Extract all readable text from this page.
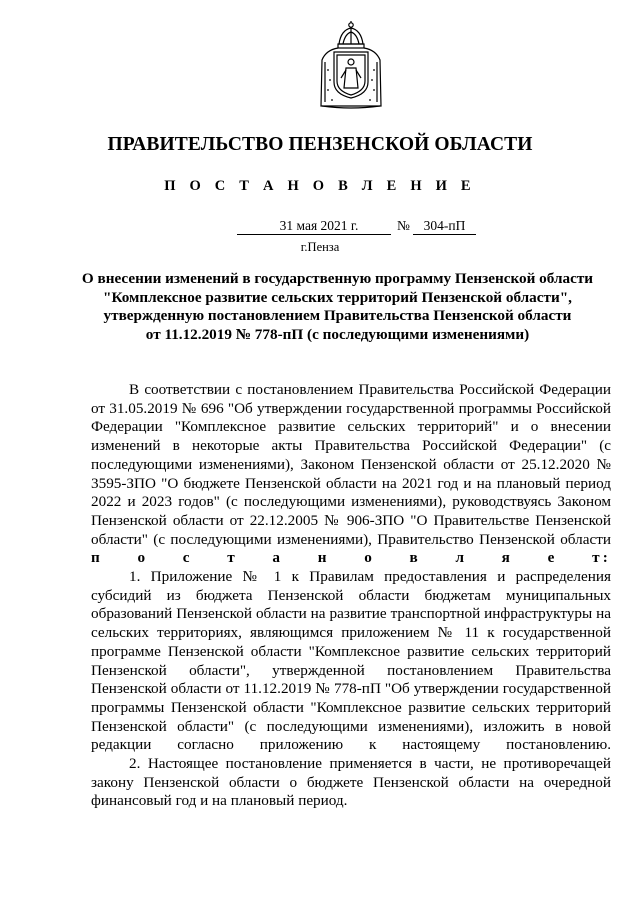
ПРАВИТЕЛЬСТВО ПЕНЗЕНСКОЙ ОБЛАСТИ
П О С Т А Н О В Л Е Н И Е
31 мая 2021 г.	№	304-пП
г.Пенза
О внесении изменений в государственную программу Пензенской области
"Комплексное развитие сельских территорий Пензенской области",
утвержденную постановлением Правительства Пензенской области
от 11.12.2019 № 778-пП (с последующими изменениями)

В соответствии с постановлением Правительства Российской Федерации от 31.05.2019 № 696 "Об утверждении государственной программы Российской Федерации "Комплексное развитие сельских территорий" и о внесении изменений в некоторые акты Правительства Российской Федерации" (с последующими изменениями), Законом Пензенской области от 25.12.2020 № 3595-ЗПО "О бюджете Пензенской области на 2021 год и на плановый период 2022 и 2023 годов" (с последующими изменениями), руководствуясь Законом Пензенской области от 22.12.2005 № 906-ЗПО "О Правительстве Пензенской области" (с последующими изменениями), Правительство Пензенской области п о с т а н о в л я е т:

1. Приложение № 1 к Правилам предоставления и распределения субсидий из бюджета Пензенской области бюджетам муниципальных образований Пензенской области на развитие транспортной инфраструктуры на сельских территориях, являющимся приложением № 11 к государственной программе Пензенской области "Комплексное развитие сельских территорий Пензенской области", утвержденной постановлением Правительства Пензенской области от 11.12.2019 № 778-пП "Об утверждении государственной программы Пензенской области "Комплексное развитие сельских территорий Пензенской области" (с последующими изменениями), изложить в новой редакции согласно приложению к настоящему постановлению.

2. Настоящее постановление применяется в части, не противоречащей закону Пензенской области о бюджете Пензенской области на очередной финансовый год и на плановый период.
